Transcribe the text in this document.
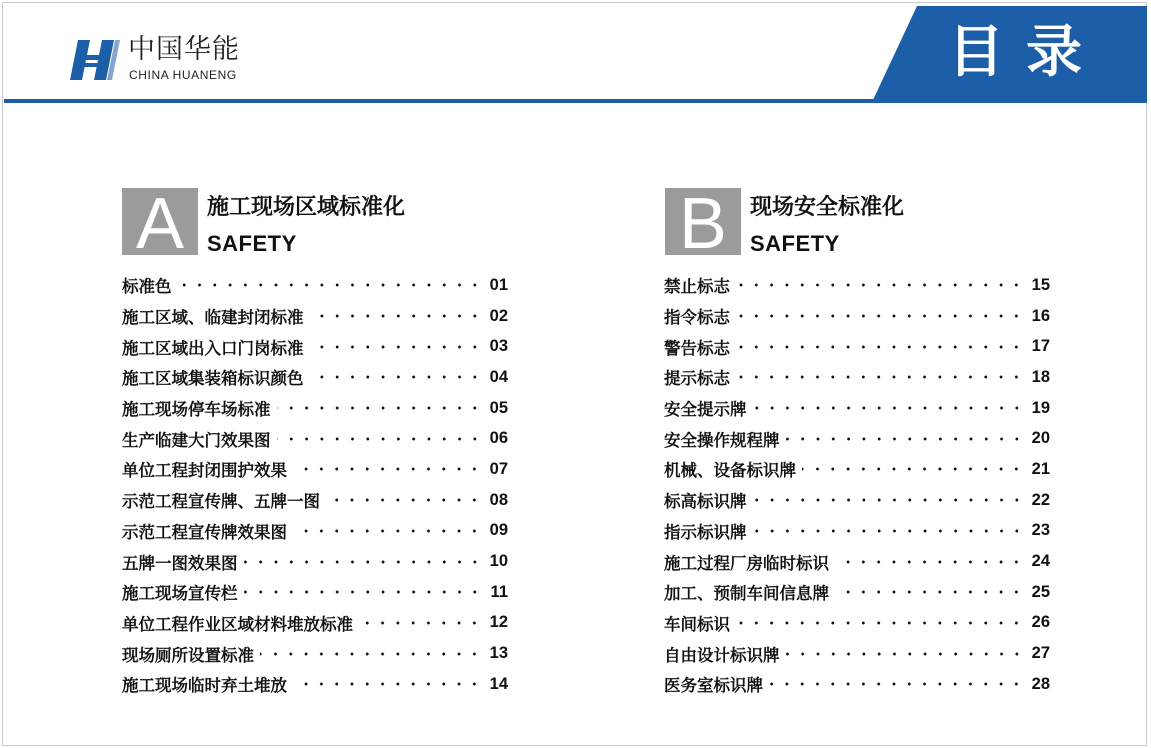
中国华能
CHINA HUANENG	目录
A	施工现场区域标准化
SAFETY
标准色	01
施工区域、临建封闭标准	02
施工区域出入口门岗标准	03
施工区域集装箱标识颜色	04
施工现场停车场标准	05
生产临建大门效果图	06
单位工程封闭围护效果	07
示范工程宣传牌、五牌一图	08
示范工程宣传牌效果图	09
五牌一图效果图	10
施工现场宣传栏	11
单位工程作业区域材料堆放标准	12
现场厕所设置标准	13
施工现场临时弃土堆放	14
B	现场安全标准化
SAFETY
禁止标志	15
指令标志	16
警告标志	17
提示标志	18
安全提示牌	19
安全操作规程牌	20
机械、设备标识牌	21
标高标识牌	22
指示标识牌	23
施工过程厂房临时标识	24
加工、预制车间信息牌	25
车间标识	26
自由设计标识牌	27
医务室标识牌	28
